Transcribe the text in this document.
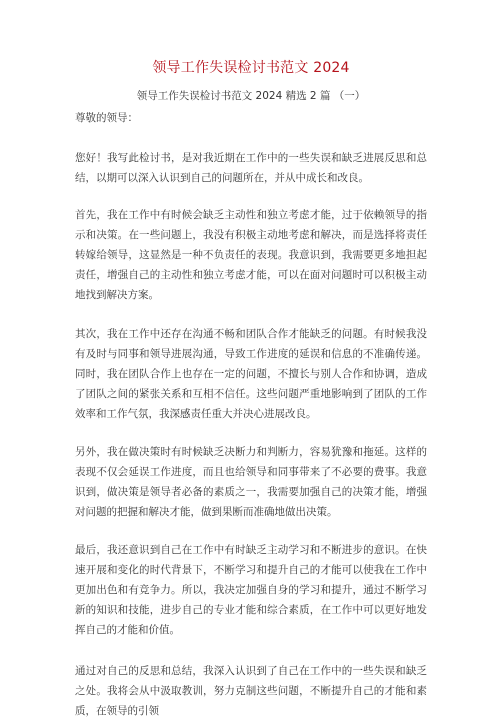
领导工作失误检讨书范文 2024
领导工作失误检讨书范文 2024 精选 2 篇 （一）
尊敬的领导：

您好！我写此检讨书，是对我近期在工作中的一些失误和缺乏进展反思和总结，以期可以深入认识到自己的问题所在，并从中成长和改良。

首先，我在工作中有时候会缺乏主动性和独立考虑才能，过于依赖领导的指示和决策。在一些问题上，我没有积极主动地考虑和解决，而是选择将责任转嫁给领导，这显然是一种不负责任的表现。我意识到，我需要更多地担起责任，增强自己的主动性和独立考虑才能，可以在面对问题时可以积极主动地找到解决方案。

其次，我在工作中还存在沟通不畅和团队合作才能缺乏的问题。有时候我没有及时与同事和领导进展沟通，导致工作进度的延误和信息的不准确传递。同时，我在团队合作上也存在一定的问题，不擅长与别人合作和协调，造成了团队之间的紧张关系和互相不信任。这些问题严重地影响到了团队的工作效率和工作气氛，我深感责任重大并决心进展改良。

另外，我在做决策时有时候缺乏决断力和判断力，容易犹豫和拖延。这样的表现不仅会延误工作进度，而且也给领导和同事带来了不必要的费事。我意识到，做决策是领导者必备的素质之一，我需要加强自己的决策才能，增强对问题的把握和解决才能，做到果断而准确地做出决策。

最后，我还意识到自己在工作中有时缺乏主动学习和不断进步的意识。在快速开展和变化的时代背景下，不断学习和提升自己的才能可以使我在工作中更加出色和有竞争力。所以，我决定加强自身的学习和提升，通过不断学习新的知识和技能，进步自己的专业才能和综合素质，在工作中可以更好地发挥自己的才能和价值。

通过对自己的反思和总结，我深入认识到了自己在工作中的一些失误和缺乏之处。我将会从中汲取教训，努力克制这些问题，不断提升自己的才能和素质，在领导的引领
